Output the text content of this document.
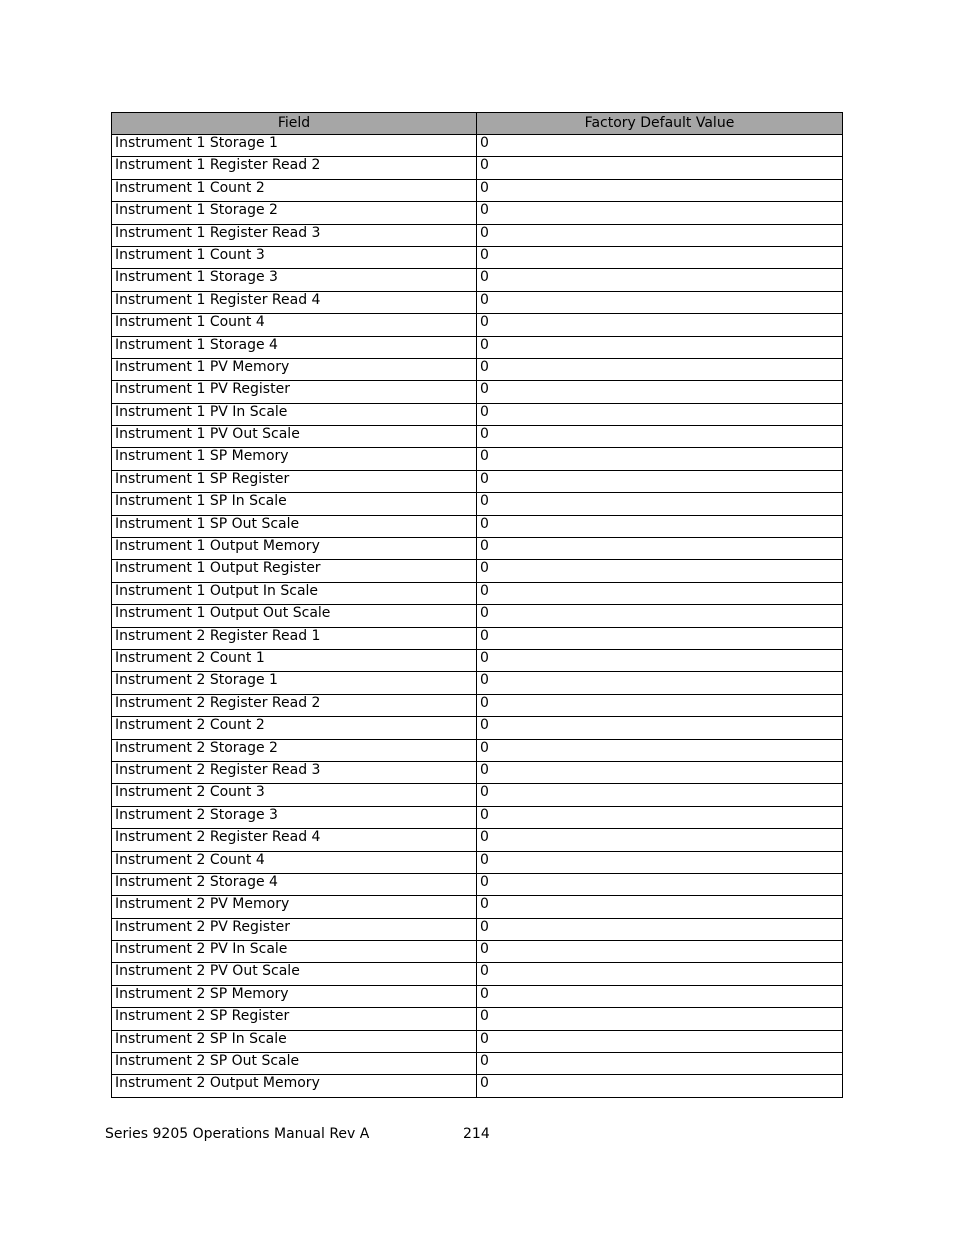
Field	Factory Default Value
Instrument 1 Storage 1	0
Instrument 1 Register Read 2	0
Instrument 1 Count 2	0
Instrument 1 Storage 2	0
Instrument 1 Register Read 3	0
Instrument 1 Count 3	0
Instrument 1 Storage 3	0
Instrument 1 Register Read 4	0
Instrument 1 Count 4	0
Instrument 1 Storage 4	0
Instrument 1 PV Memory	0
Instrument 1 PV Register	0
Instrument 1 PV In Scale	0
Instrument 1 PV Out Scale	0
Instrument 1 SP Memory	0
Instrument 1 SP Register	0
Instrument 1 SP In Scale	0
Instrument 1 SP Out Scale	0
Instrument 1 Output Memory	0
Instrument 1 Output Register	0
Instrument 1 Output In Scale	0
Instrument 1 Output Out Scale	0
Instrument 2 Register Read 1	0
Instrument 2 Count 1	0
Instrument 2 Storage 1	0
Instrument 2 Register Read 2	0
Instrument 2 Count 2	0
Instrument 2 Storage 2	0
Instrument 2 Register Read 3	0
Instrument 2 Count 3	0
Instrument 2 Storage 3	0
Instrument 2 Register Read 4	0
Instrument 2 Count 4	0
Instrument 2 Storage 4	0
Instrument 2 PV Memory	0
Instrument 2 PV Register	0
Instrument 2 PV In Scale	0
Instrument 2 PV Out Scale	0
Instrument 2 SP Memory	0
Instrument 2 SP Register	0
Instrument 2 SP In Scale	0
Instrument 2 SP Out Scale	0
Instrument 2 Output Memory	0
Series 9205 Operations Manual Rev A	214
